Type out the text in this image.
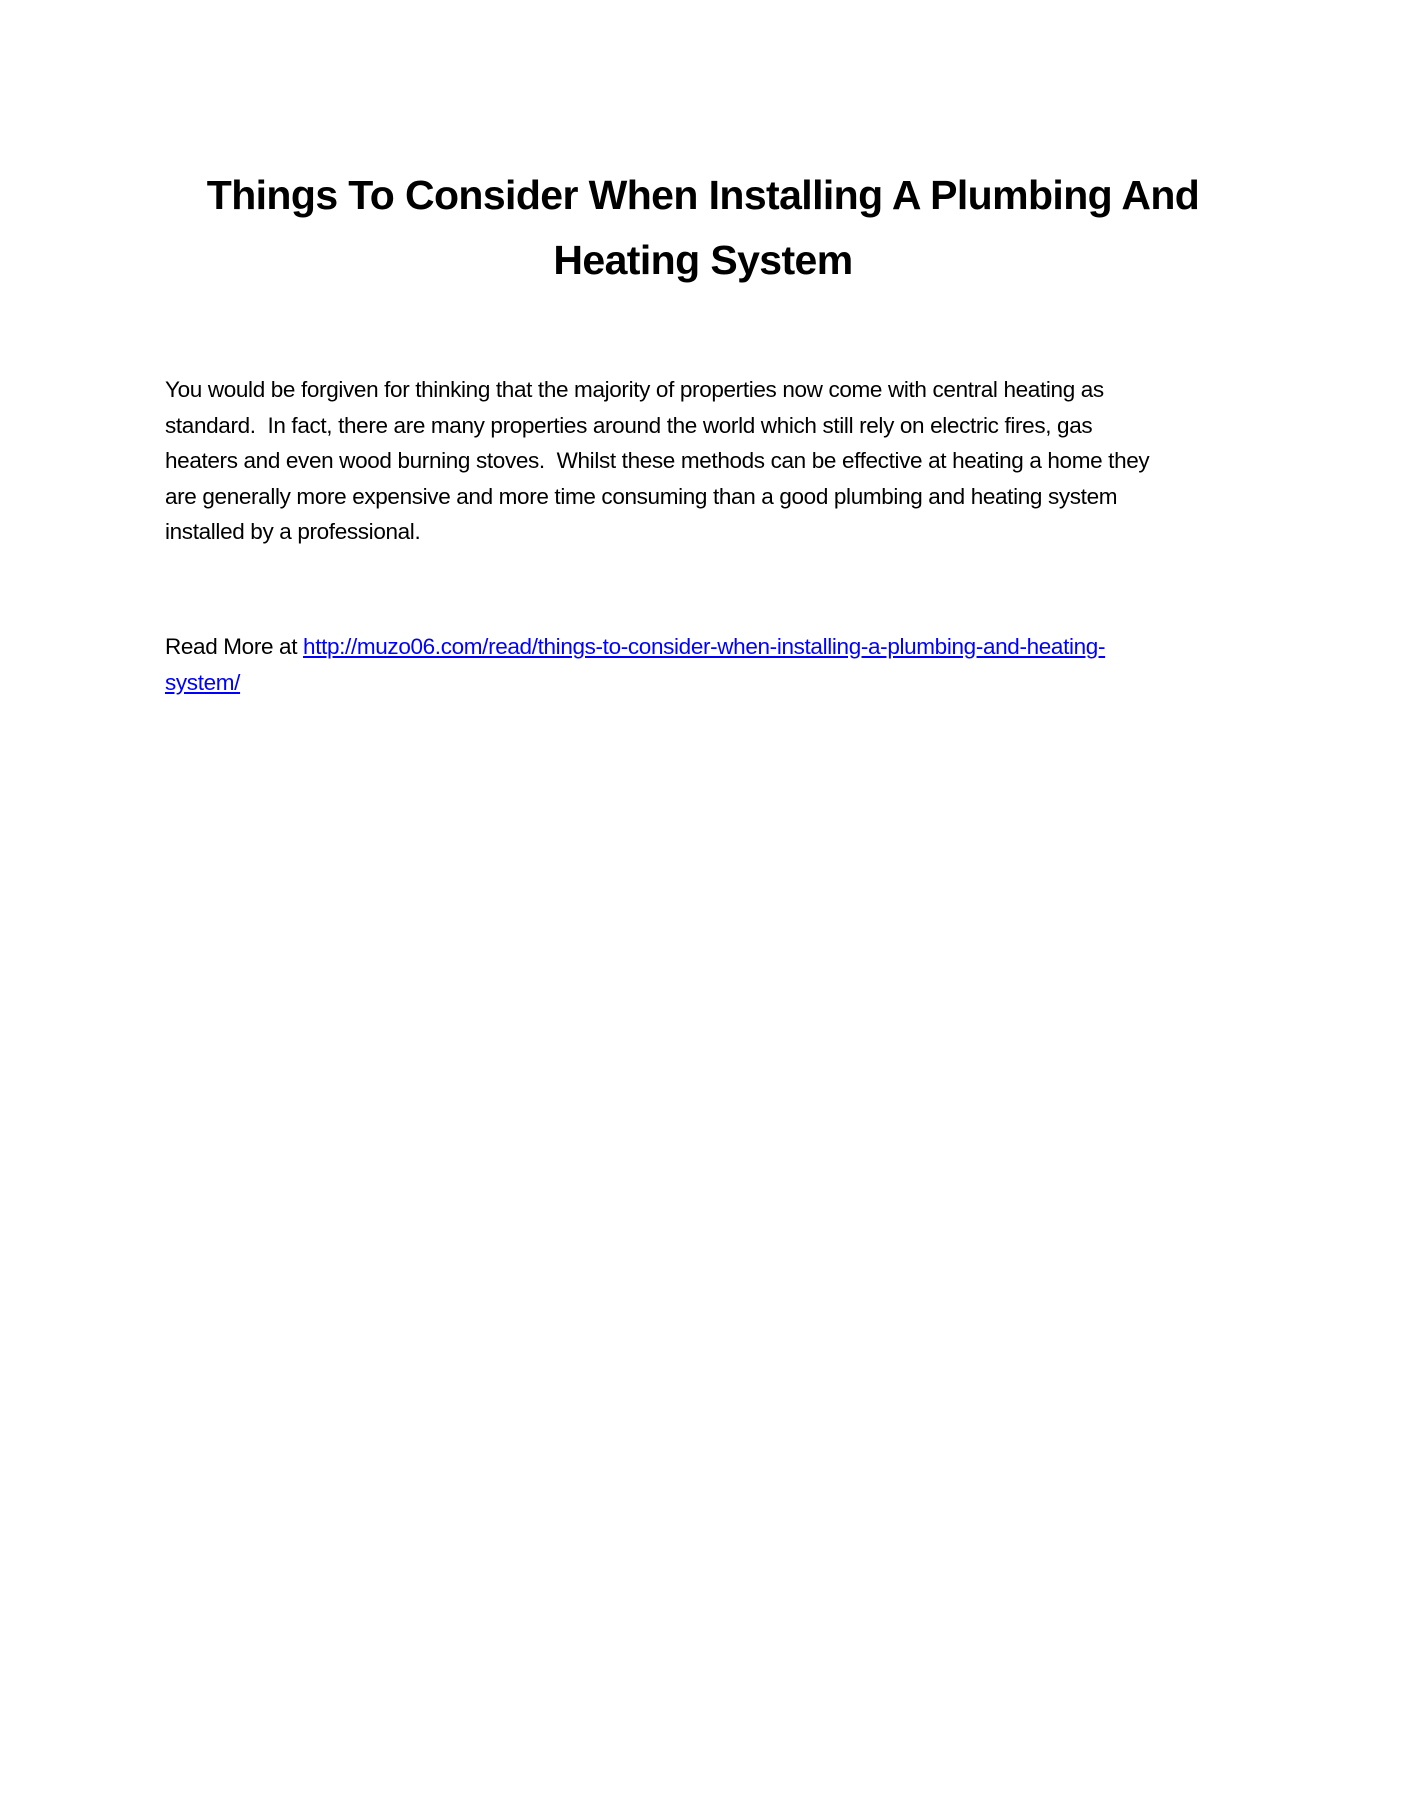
Things To Consider When Installing A Plumbing And
Heating System

You would be forgiven for thinking that the majority of properties now come with central heating as
standard.  In fact, there are many properties around the world which still rely on electric fires, gas
heaters and even wood burning stoves.  Whilst these methods can be effective at heating a home they
are generally more expensive and more time consuming than a good plumbing and heating system
installed by a professional.

Read More at http://muzo06.com/read/things-to-consider-when-installing-a-plumbing-and-heating-
system/
